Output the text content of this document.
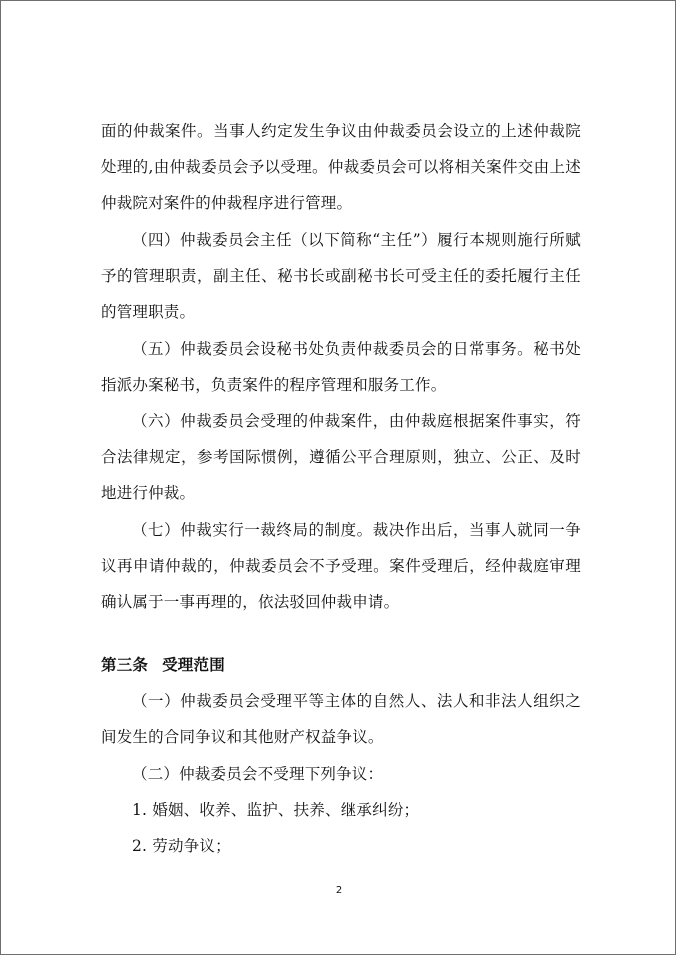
面的仲裁案件。当事人约定发生争议由仲裁委员会设立的上述仲裁院
处理的,由仲裁委员会予以受理。仲裁委员会可以将相关案件交由上述
仲裁院对案件的仲裁程序进行管理。
（四）仲裁委员会主任（以下简称“主任”）履行本规则施行所赋
予的管理职责，副主任、秘书长或副秘书长可受主任的委托履行主任
的管理职责。
（五）仲裁委员会设秘书处负责仲裁委员会的日常事务。秘书处
指派办案秘书，负责案件的程序管理和服务工作。
（六）仲裁委员会受理的仲裁案件，由仲裁庭根据案件事实，符
合法律规定，参考国际惯例，遵循公平合理原则，独立、公正、及时
地进行仲裁。
（七）仲裁实行一裁终局的制度。裁决作出后，当事人就同一争
议再申请仲裁的，仲裁委员会不予受理。案件受理后，经仲裁庭审理
确认属于一事再理的，依法驳回仲裁申请。
第三条 受理范围
（一）仲裁委员会受理平等主体的自然人、法人和非法人组织之
间发生的合同争议和其他财产权益争议。
（二）仲裁委员会不受理下列争议：
1. 婚姻、收养、监护、扶养、继承纠纷；
2. 劳动争议；
2
